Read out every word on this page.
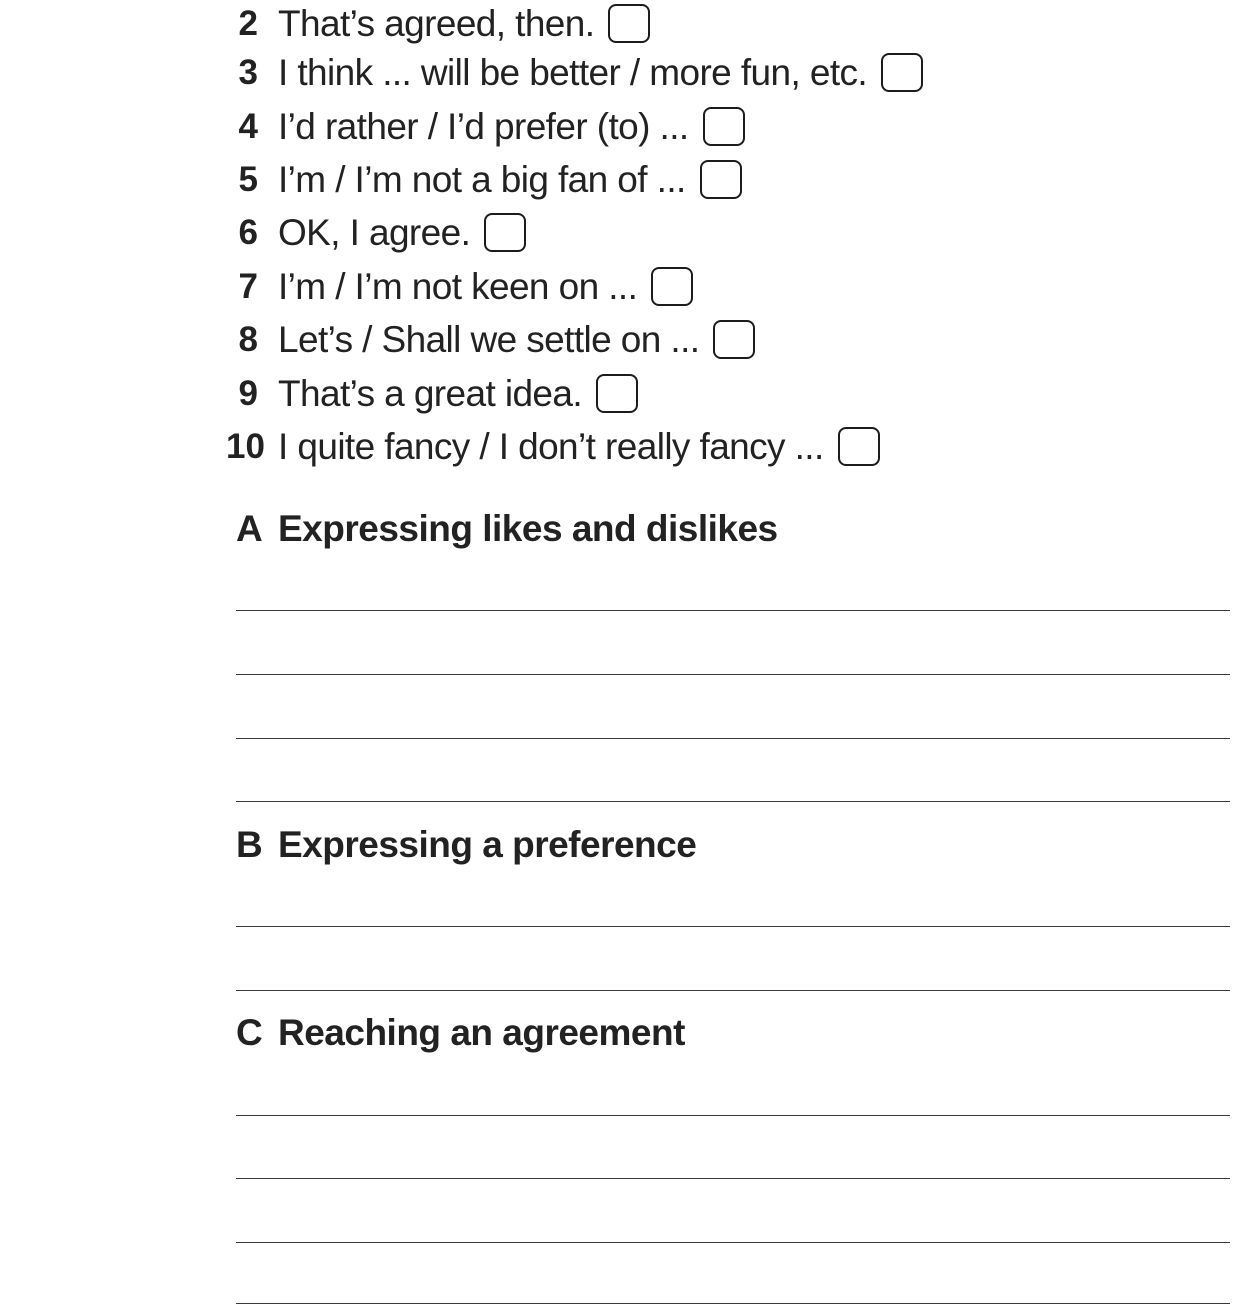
2 That’s agreed, then.
3 I think ... will be better / more fun, etc.
4 I’d rather / I’d prefer (to) ...
5 I’m / I’m not a big fan of ...
6 OK, I agree.
7 I’m / I’m not keen on ...
8 Let’s / Shall we settle on ...
9 That’s a great idea.
10 I quite fancy / I don’t really fancy ...
A Expressing likes and dislikes
B Expressing a preference
C Reaching an agreement
